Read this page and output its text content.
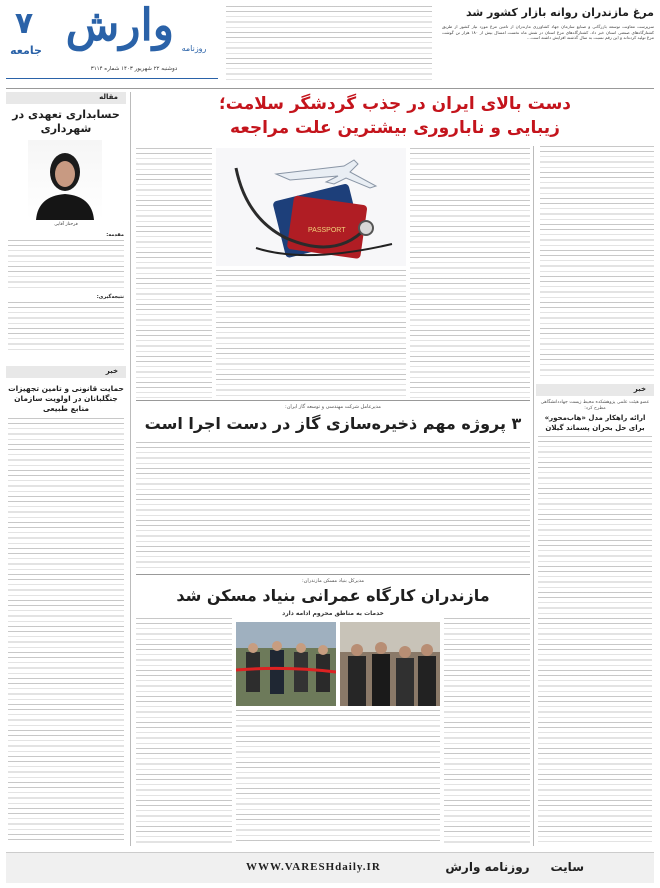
۷
جامعه وارش روزنامه
دوشنبه ۲۲ شهریور ۱۴۰۳ شماره ۳۱۱۴
مرغ مازندران روانه بازار کشور شد
سرپرست معاونت توسعه بازرگانی و صنایع سازمان جهاد کشاورزی مازندران از تامین مرغ مورد نیاز کشور از طریق کشتارگاه‌های صنعتی استان خبر داد. کشتارگاه‌های مرغ استان در شش ماه نخست امسال بیش از ۱۸۰ هزار تن گوشت مرغ تولید کرده‌اند و این رقم نسبت به سال گذشته افزایش داشته است...
مقاله
حسابداری تعهدی در شهرداری
فرحناز آقایی
مقدمه:
نتیجه‌گیری:
خبر
حمایت قانونی و تامین تجهیزات جنگلبانان در اولویت سازمان منابع طبیعی
خبر
عضو هیئت علمی پژوهشکده محیط زیست جهاددانشگاهی مطرح کرد:
ارائه راهکار مدل «هاب‌محور» برای حل بحران پسماند گیلان
دست بالای ایران در جذب گردشگر سلامت؛
زیبایی و ناباروری بیشترین علت مراجعه
PASSPORT
مدیرعامل شرکت مهندسی و توسعه گاز ایران:
۳ پروژه مهم ذخیره‌سازی گاز در دست اجرا است
مدیرکل بنیاد مسکن مازندران:
مازندران کارگاه عمرانی بنیاد مسکن شد
خدمات به مناطق محروم ادامه دارد
سایت     روزنامه وارش
WWW.VARESHdaily.IR
